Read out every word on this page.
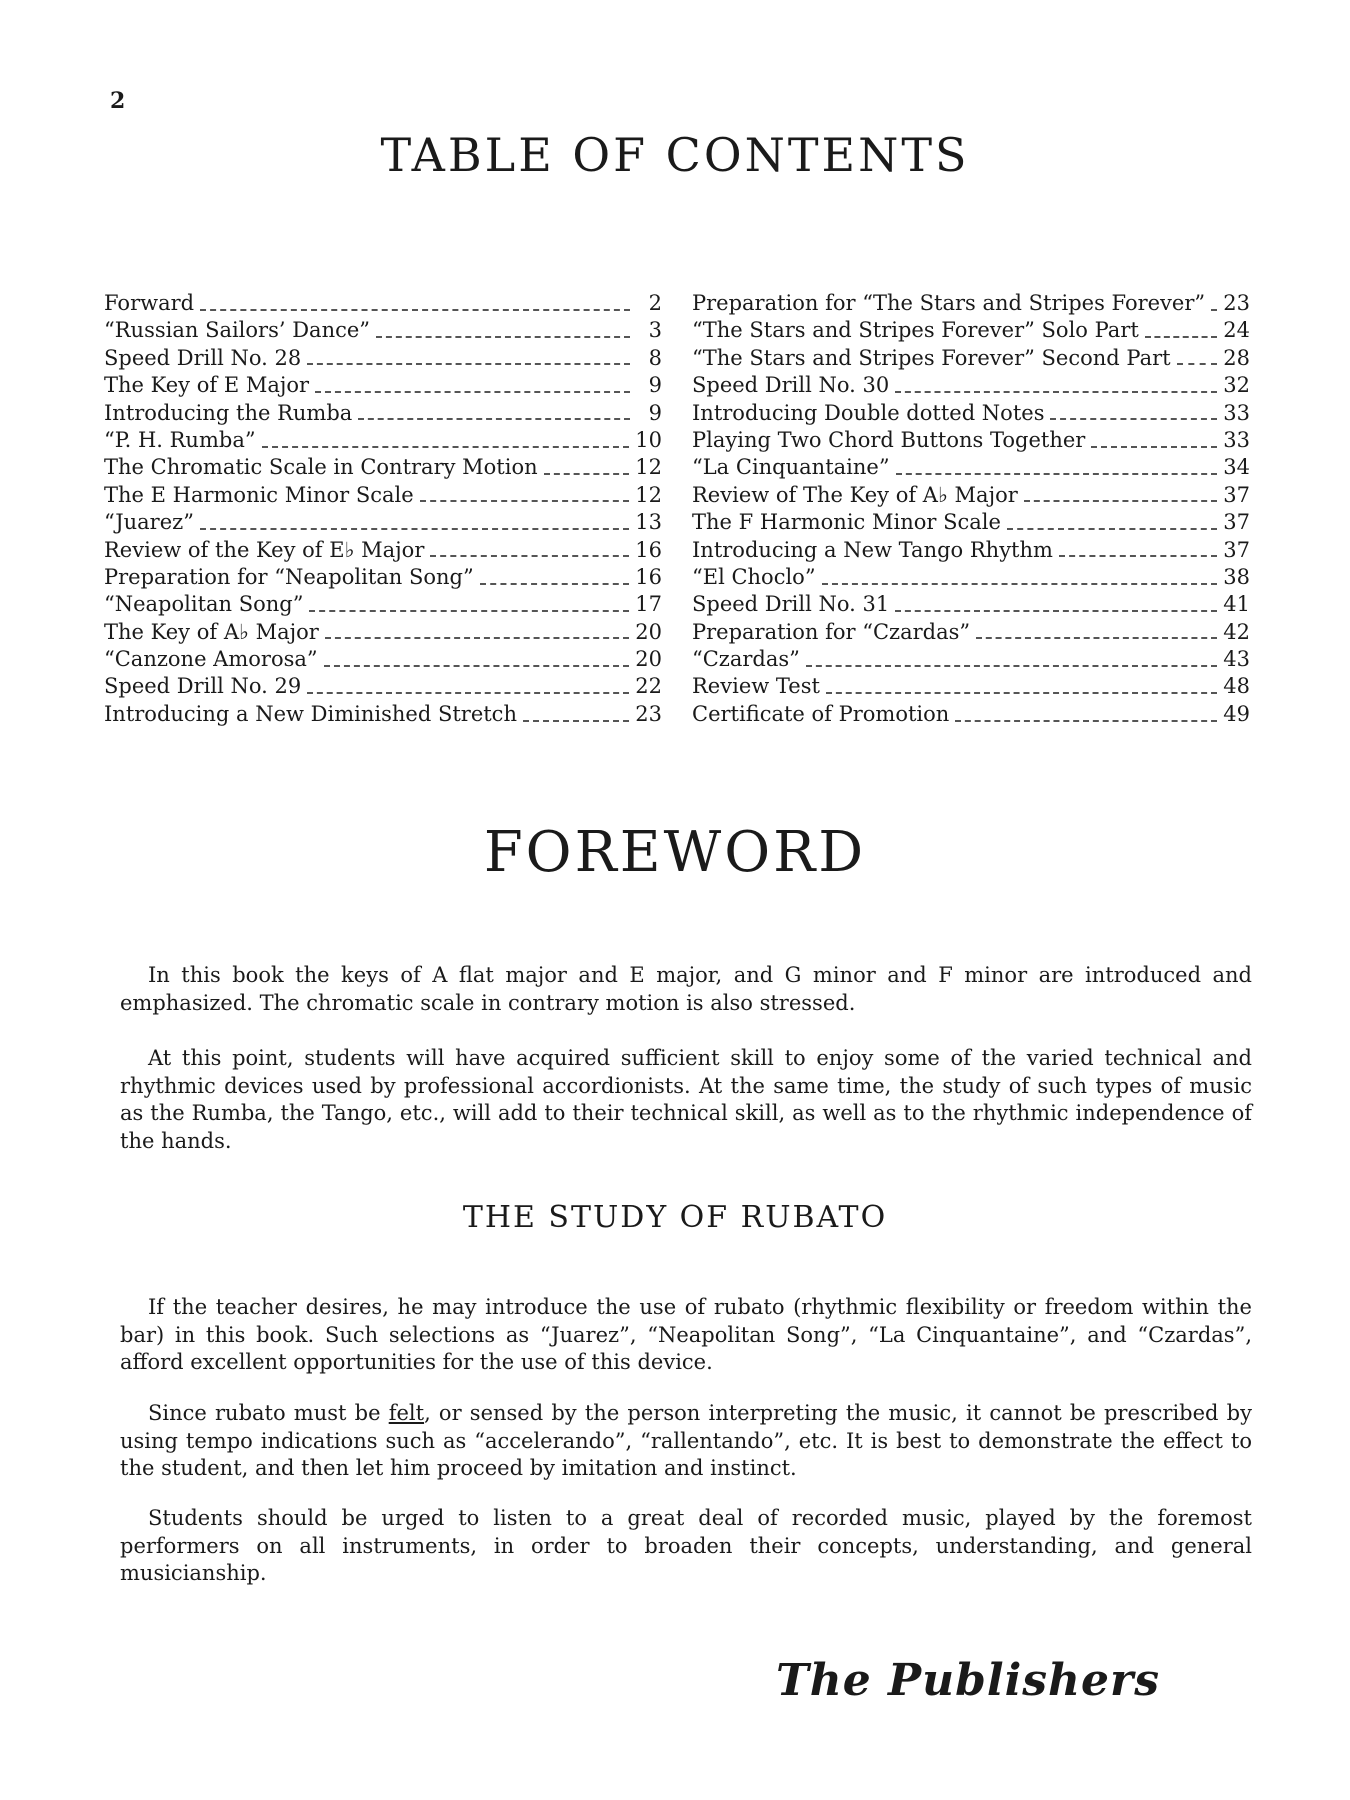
2
TABLE OF CONTENTS
Forward	2
“Russian Sailors’ Dance”	3
Speed Drill No. 28	8
The Key of E Major	9
Introducing the Rumba	9
“P. H. Rumba”	10
The Chromatic Scale in Contrary Motion	12
The E Harmonic Minor Scale	12
“Juarez”	13
Review of the Key of E♭ Major	16
Preparation for “Neapolitan Song”	16
“Neapolitan Song”	17
The Key of A♭ Major	20
“Canzone Amorosa”	20
Speed Drill No. 29	22
Introducing a New Diminished Stretch	23
Preparation for “The Stars and Stripes Forever” 23
“The Stars and Stripes Forever” Solo Part	24
“The Stars and Stripes Forever” Second Part	28
Speed Drill No. 30	32
Introducing Double dotted Notes	33
Playing Two Chord Buttons Together	33
“La Cinquantaine”	34
Review of The Key of A♭ Major	37
The F Harmonic Minor Scale	37
Introducing a New Tango Rhythm	37
“El Choclo”	38
Speed Drill No. 31	41
Preparation for “Czardas”	42
“Czardas”	43
Review Test	48
Certificate of Promotion	49
FOREWORD

In this book the keys of A flat major and E major, and G minor and F minor are introduced and emphasized. The chromatic scale in contrary motion is also stressed.

At this point, students will have acquired sufficient skill to enjoy some of the varied technical and rhythmic devices used by professional accordionists. At the same time, the study of such types of music as the Rumba, the Tango, etc., will add to their technical skill, as well as to the rhythmic independence of the hands.

THE STUDY OF RUBATO

If the teacher desires, he may introduce the use of rubato (rhythmic flexibility or freedom within the bar) in this book. Such selections as “Juarez”, “Neapolitan Song”, “La Cinquantaine”, and “Czardas”, afford excellent opportunities for the use of this device.

Since rubato must be felt, or sensed by the person interpreting the music, it cannot be prescribed by using tempo indications such as “accelerando”, “rallentando”, etc. It is best to demonstrate the effect to the student, and then let him proceed by imitation and instinct.

Students should be urged to listen to a great deal of recorded music, played by the foremost performers on all instruments, in order to broaden their concepts, understanding, and general musicianship.

The Publishers
